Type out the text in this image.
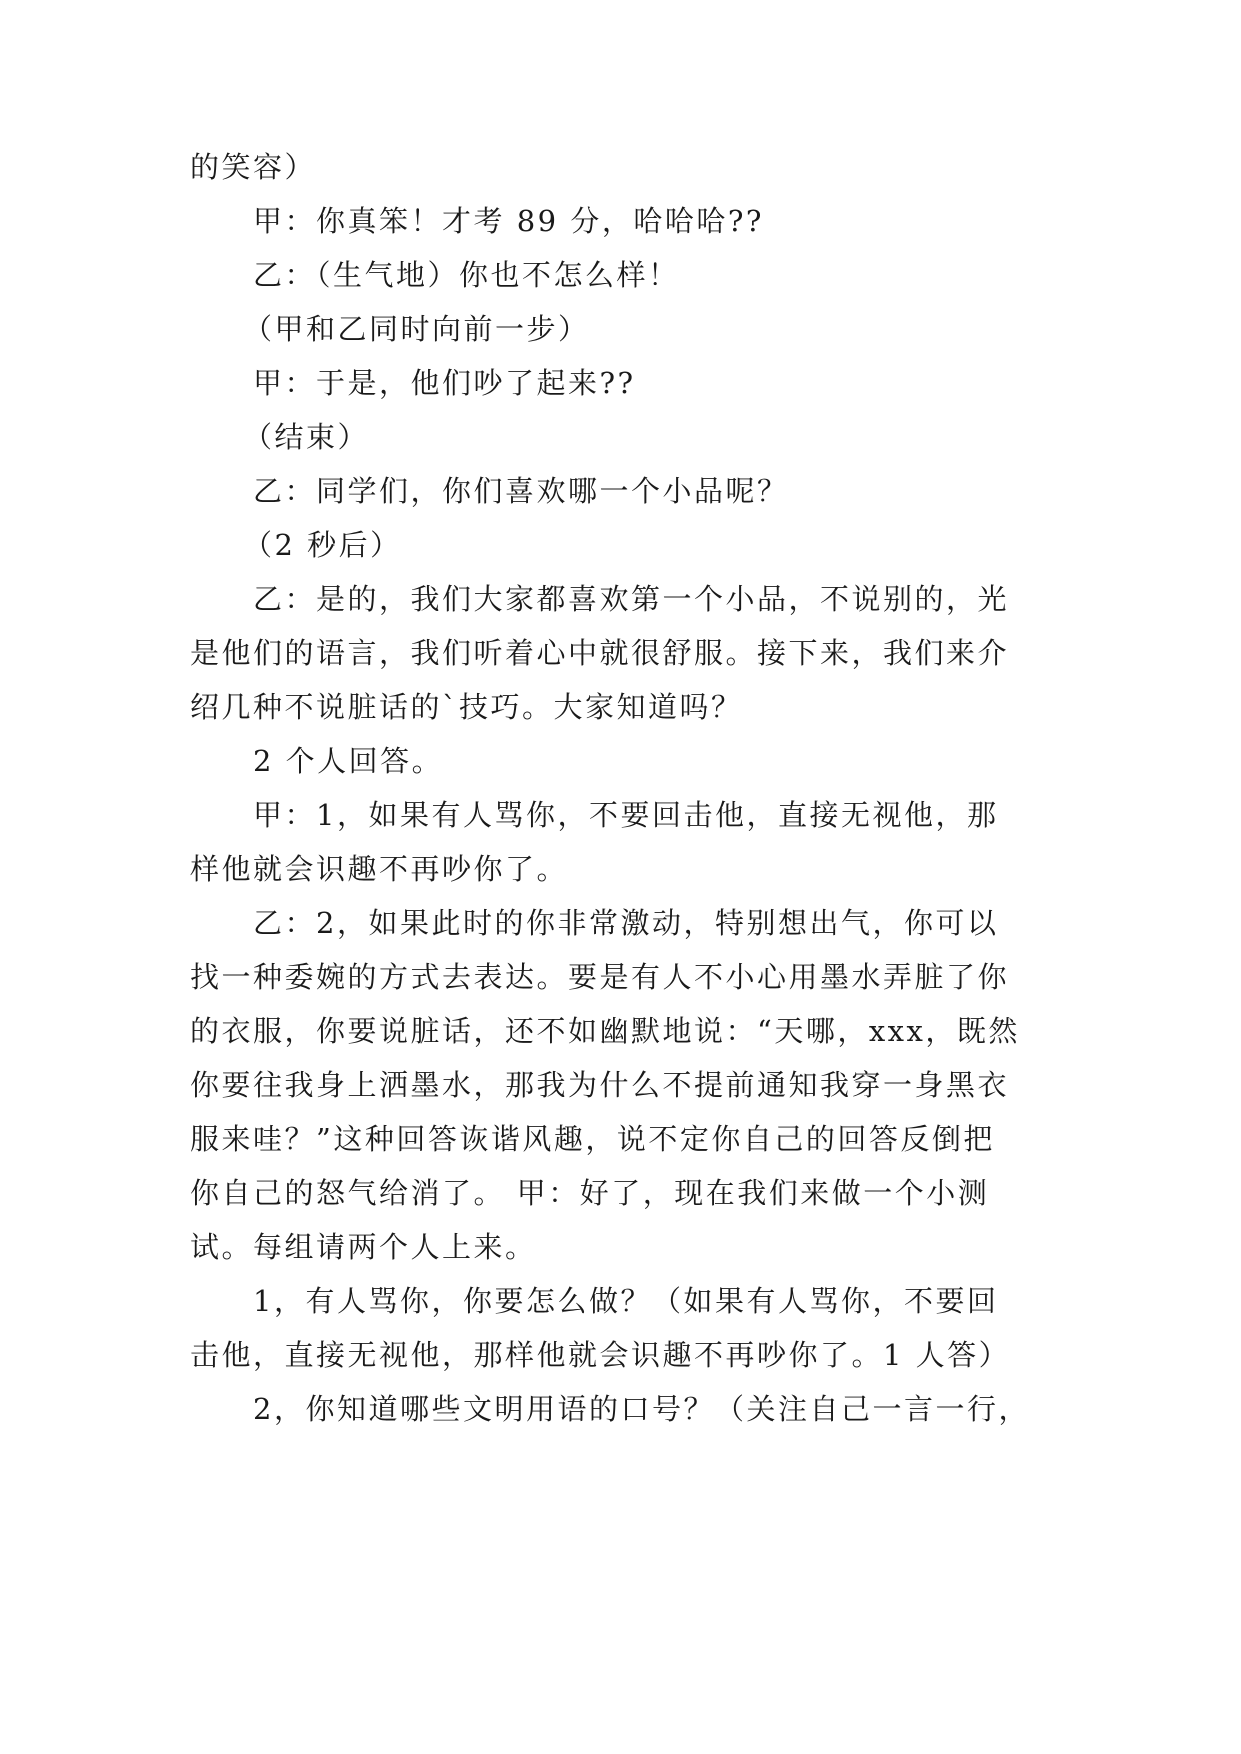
的笑容）
甲：你真笨！才考 89 分，哈哈哈??
乙：（生气地）你也不怎么样！
（甲和乙同时向前一步）
甲：于是，他们吵了起来??
（结束）
乙：同学们，你们喜欢哪一个小品呢？
（2 秒后）
乙：是的，我们大家都喜欢第一个小品，不说别的，光
是他们的语言，我们听着心中就很舒服。接下来，我们来介
绍几种不说脏话的`技巧。大家知道吗？
2 个人回答。
甲：1，如果有人骂你，不要回击他，直接无视他，那
样他就会识趣不再吵你了。
乙：2，如果此时的你非常激动，特别想出气，你可以
找一种委婉的方式去表达。要是有人不小心用墨水弄脏了你
的衣服，你要说脏话，还不如幽默地说：“天哪，xxx，既然
你要往我身上洒墨水，那我为什么不提前通知我穿一身黑衣
服来哇？”这种回答诙谐风趣，说不定你自己的回答反倒把
你自己的怒气给消了。 甲：好了，现在我们来做一个小测
试。每组请两个人上来。
1，有人骂你，你要怎么做？（如果有人骂你，不要回
击他，直接无视他，那样他就会识趣不再吵你了。1 人答）
2，你知道哪些文明用语的口号？（关注自己一言一行，
